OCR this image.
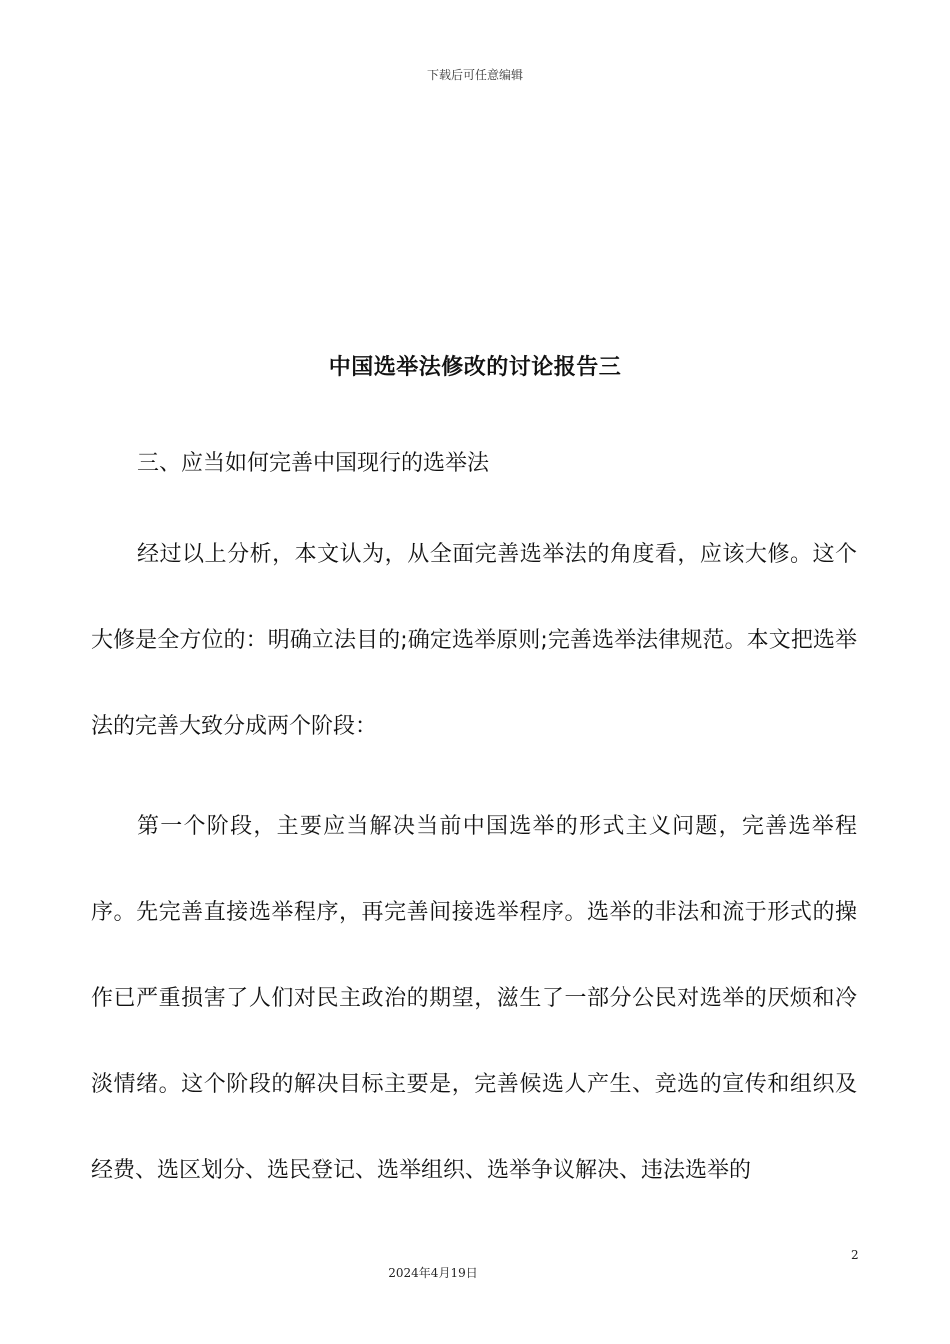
下载后可任意编辑
中国选举法修改的讨论报告三
三、应当如何完善中国现行的选举法

经过以上分析，本文认为，从全面完善选举法的角度看，应该大修。这个大修是全方位的：明确立法目的;确定选举原则;完善选举法律规范。本文把选举法的完善大致分成两个阶段：

第一个阶段，主要应当解决当前中国选举的形式主义问题，完善选举程序。先完善直接选举程序，再完善间接选举程序。选举的非法和流于形式的操作已严重损害了人们对民主政治的期望，滋生了一部分公民对选举的厌烦和冷淡情绪。这个阶段的解决目标主要是，完善候选人产生、竞选的宣传和组织及经费、选区划分、选民登记、选举组织、选举争议解决、违法选举的

2
2024年4月19日
